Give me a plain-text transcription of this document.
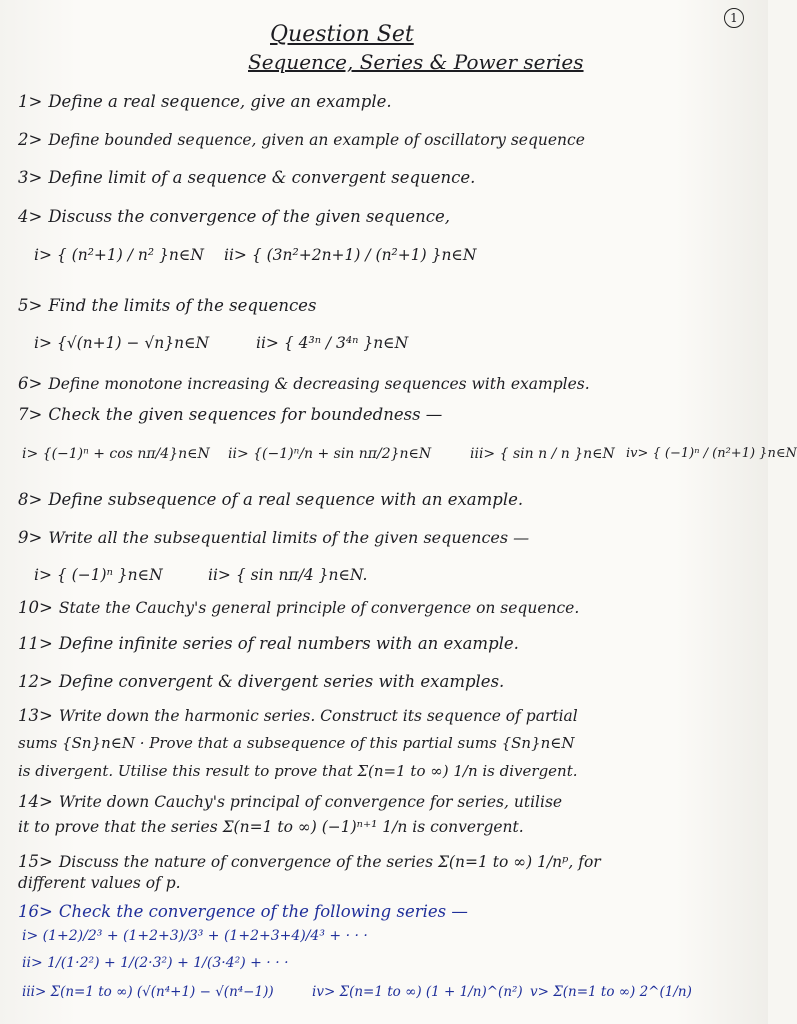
1
Question Set
Sequence, Series & Power series
1> Define a real sequence, give an example.
2> Define bounded sequence, given an example of oscillatory sequence
3> Define limit of a sequence & convergent sequence.
4> Discuss the convergence of the given sequence,
i> { (n²+1) / n² }n∈N ii> { (3n²+2n+1) / (n²+1) }n∈N
5> Find the limits of the sequences
i> {√(n+1) − √n}n∈N	ii> { 4³ⁿ / 3⁴ⁿ }n∈N
6> Define monotone increasing & decreasing sequences with examples.
7> Check the given sequences for boundedness —
i> {(−1)ⁿ + cos nπ/4}n∈N ii> {(−1)ⁿ/n + sin nπ/2}n∈N	iii> { sin n / n }n∈N iv> { (−1)ⁿ / (n²+1) }n∈N
8> Define subsequence of a real sequence with an example.
9> Write all the subsequential limits of the given sequences —
i> { (−1)ⁿ }n∈N	ii> { sin nπ/4 }n∈N.
10> State the Cauchy's general principle of convergence on sequence.
11> Define infinite series of real numbers with an example.
12> Define convergent & divergent series with examples.
13> Write down the harmonic series. Construct its sequence of partial
sums {Sn}n∈N · Prove that a subsequence of this partial sums {Sn}n∈N
is divergent. Utilise this result to prove that Σ(n=1 to ∞) 1/n is divergent.
14> Write down Cauchy's principal of convergence for series, utilise
it to prove that the series Σ(n=1 to ∞) (−1)ⁿ⁺¹ 1/n is convergent.
15> Discuss the nature of convergence of the series Σ(n=1 to ∞) 1/nᵖ, for
different values of p.
16> Check the convergence of the following series —
i> (1+2)/2³ + (1+2+3)/3³ + (1+2+3+4)/4³ + · · ·
ii> 1/(1·2²) + 1/(2·3²) + 1/(3·4²) + · · ·
iii> Σ(n=1 to ∞) (√(n⁴+1) − √(n⁴−1))	iv> Σ(n=1 to ∞) (1 + 1/n)^(n²) v> Σ(n=1 to ∞) 2^(1/n)
